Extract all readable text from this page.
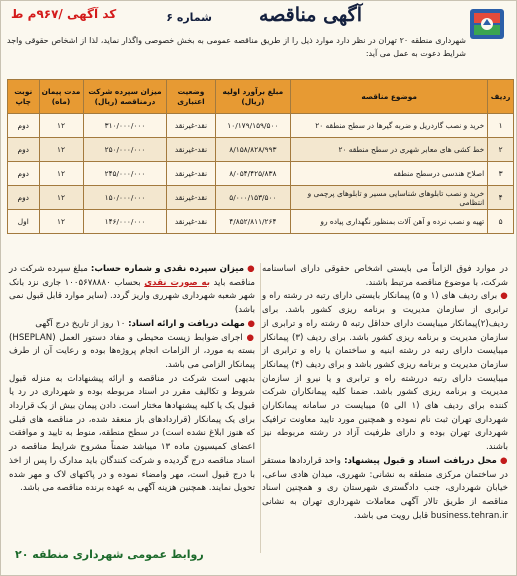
آگهی مناقصه
شماره ۶
کد آگهی /۹۶۷م ط
شهرداری منطقه ۲۰ تهران در نظر دارد موارد ذیل را از طریق مناقصه عمومی به بخش خصوصی واگذار نماید، لذا از اشخاص حقوقی واجد شرایط دعوت به عمل می آید:
ردیف	موضوع مناقصه	مبلغ برآورد اولیه (ریال)	وضعیت اعتباری	میزان سپرده شرکت درمناقصه (ریال)	مدت پیمان (ماه)	نوبت چاپ
۱	خرید و نصب گاردریل و ضربه گیرها در سطح منطقه ۲۰	۱۰/۱۷۹/۱۵۹/۵۰۰	نقد-غیرنقد	۳۱۰/۰۰۰/۰۰۰	۱۲	دوم
۲	خط کشی های معابر شهری در سطح منطقه ۲۰	۸/۱۵۸/۸۲۸/۹۹۳	نقد-غیرنقد	۲۵۰/۰۰۰/۰۰۰	۱۲	دوم
۳	اصلاح هندسی درسطح منطقه	۸/۰۵۴/۴۲۵/۸۳۸	نقد-غیرنقد	۲۴۵/۰۰۰/۰۰۰	۱۲	دوم
۴	خرید و نصب تابلوهای شناسایی مسیر و تابلوهای پرچمی و انتظامی	۵/۰۰۰/۱۵۳/۵۰۰	نقد-غیرنقد	۱۵۰/۰۰۰/۰۰۰	۱۲	دوم
۵	تهیه و نصب نرده و آهن آلات بمنظور نگهداری پیاده رو	۴/۸۵۲/۸۱۱/۲۶۴	نقد-غیرنقد	۱۴۶/۰۰۰/۰۰۰	۱۲	اول

در موارد فوق الزاماً می بایستی اشخاص حقوقی دارای اساسنامه شرکت، با موضوع مناقصه مرتبط باشند.

● برای ردیف های (۱ و ۵) پیمانکار بایستی دارای رتبه در رشته راه و ترابری از سازمان مدیریت و برنامه ریزی کشور باشد. برای ردیف(۲)پیمانکار میبایست دارای حداقل رتبه ۵ رشته راه و ترابری از سازمان مدیریت و برنامه ریزی کشور باشد. برای ردیف (۳) پیمانکار میبایست دارای رتبه در رشته ابنیه و ساختمان یا راه و ترابری از سازمان مدیریت و برنامه ریزی کشور باشد و برای ردیف (۴) پیمانکار میبایست دارای رتبه دررشته راه و ترابری و یا نیرو از سازمان مدیریت و برنامه ریزی کشور باشد. ضمنا کلیه پیمانکاران شرکت کننده برای ردیف های (۱ الی ۵) میبایست در سامانه پیمانکاران شهرداری تهران ثبت نام نموده و همچنین مورد تایید معاونت ترافیک شهرداری تهران بوده و دارای ظرفیت آزاد در رشته مربوطه نیز باشند.

● محل دریافت اسناد و قبول پیشنهاد: واحد قراردادها مستقر در ساختمان مرکزی منطقه به نشانی: شهرری، میدان هادی ساعی، خیابان شهرداری، جنب دادگستری شهرستان ری و همچنین اسناد مناقصه از طریق تالار آگهی معاملات شهرداری تهران به نشانی business.tehran.ir قابل رویت می باشد.

● میزان سپرده نقدی و شماره حساب: مبلغ سپرده شرکت در مناقصه باید به صورت نقدی بحساب ۱۰۰۵۶۷۸۸۸۰ جاری نزد بانک شهر شعبه شهرداری شهرری واریز گردد. (سایر موارد قابل قبول نمی باشد)

● مهلت دریافت و ارائه اسناد: ۱۰ روز از تاریخ درج آگهی

● اجرای ضوابط زیست محیطی و مفاد دستور العمل (HSEPLAN) بسته به مورد، از الزامات انجام پروژه‌ها بوده و رعایت آن از طرف پیمانکار الزامی می باشد.

بدیهی است شرکت در مناقصه و ارائه پیشنهادات به منزله قبول شروط و تکالیف مقرر در اسناد مربوطه بوده و شهرداری در رد یا قبول یک یا کلیه پیشنهادها مختار است. دادن پیمان بیش از یک قرارداد برای یک پیمانکار (قراردادهای باز منعقد شده، در مناقصه های قبلی که هنوز ابلاغ نشده است) در سطح منطقه، منوط به تایید و موافقت اعضای کمیسیون ماده ۱۳ میباشد ضمناً مشروح شرایط مناقصه در اسناد مناقصه درج گردیده و شرکت کنندگان باید مدارک را پس از اخذ با درج قبول است، مهر وامضاء نموده و در پاکتهای لاک و مهر شده تحویل نمایند. همچنین هزینه آگهی به عهده برنده مناقصه می باشد.

روابط عمومی شهرداری منطقه ۲۰
